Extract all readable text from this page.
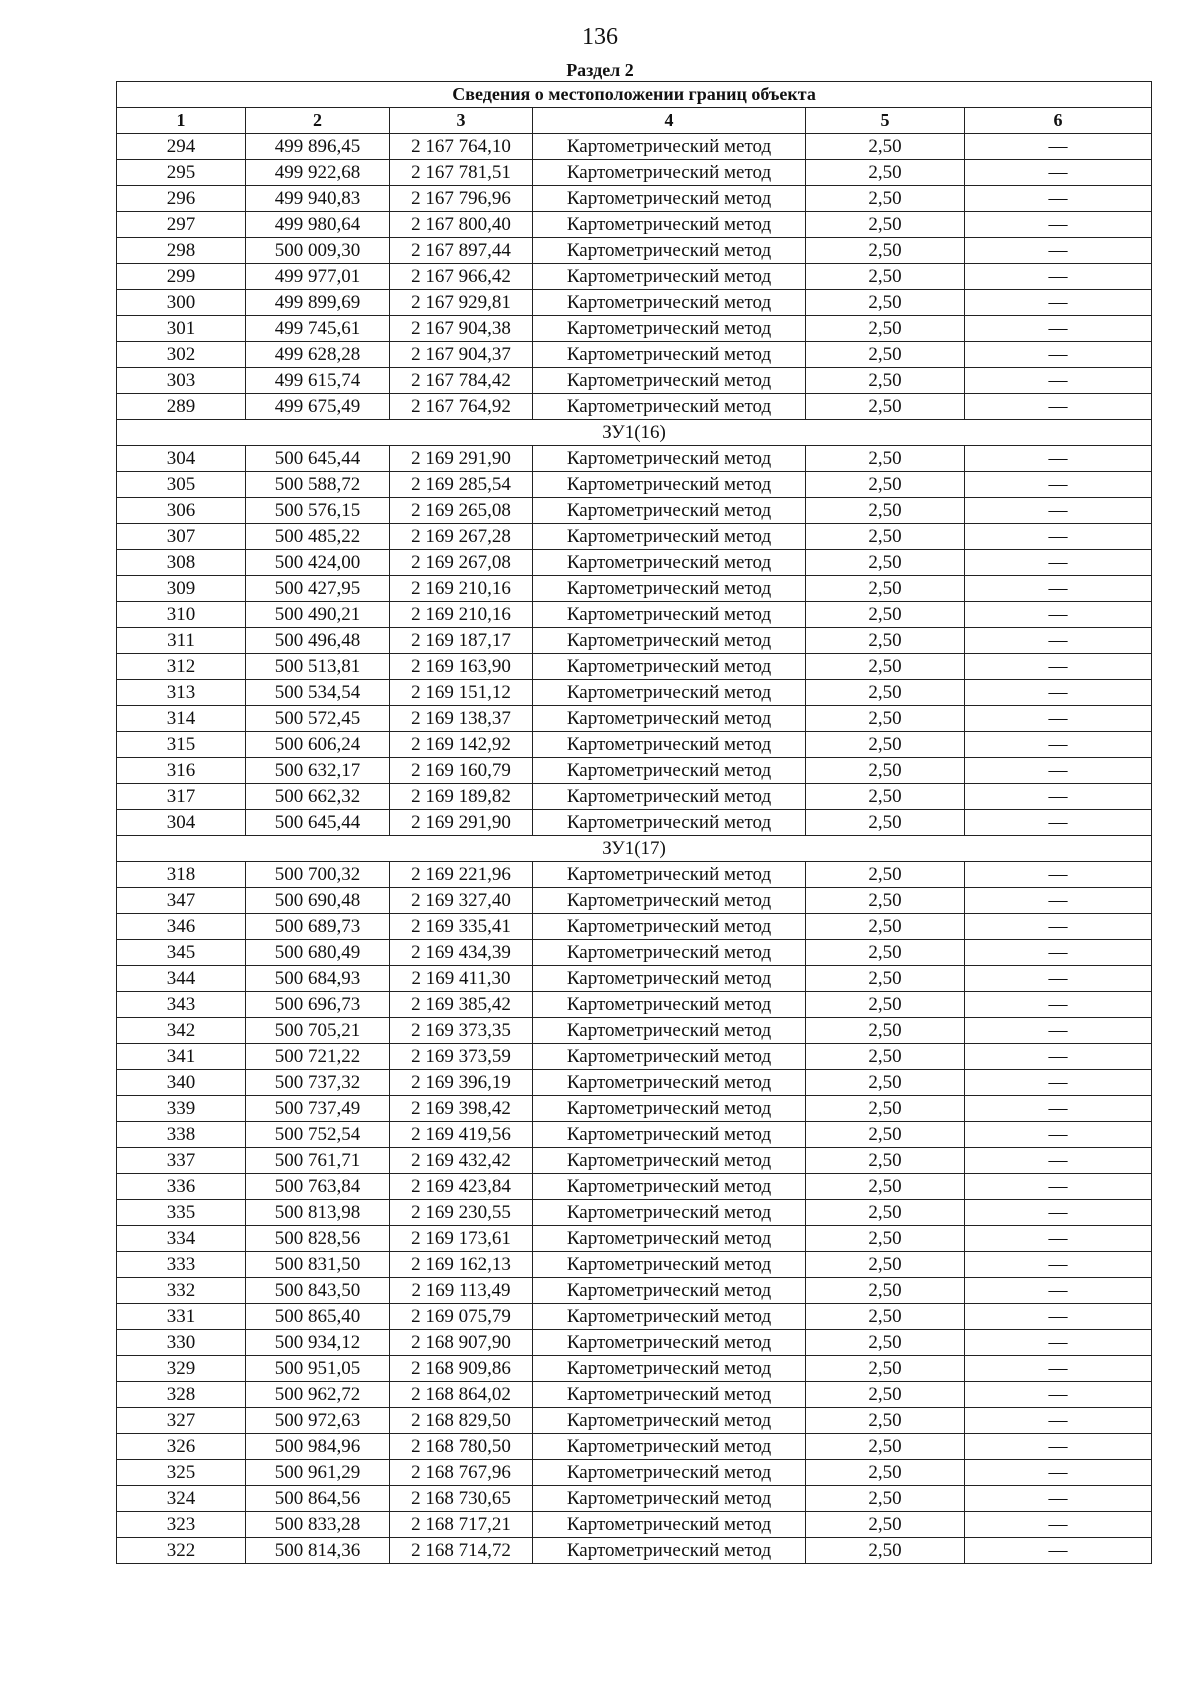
136
Раздел 2
Сведения о местоположении границ объекта					
1	2	3	4	5	6
294	499 896,45	2 167 764,10	Картометрический метод	2,50	—
295	499 922,68	2 167 781,51	Картометрический метод	2,50	—
296	499 940,83	2 167 796,96	Картометрический метод	2,50	—
297	499 980,64	2 167 800,40	Картометрический метод	2,50	—
298	500 009,30	2 167 897,44	Картометрический метод	2,50	—
299	499 977,01	2 167 966,42	Картометрический метод	2,50	—
300	499 899,69	2 167 929,81	Картометрический метод	2,50	—
301	499 745,61	2 167 904,38	Картометрический метод	2,50	—
302	499 628,28	2 167 904,37	Картометрический метод	2,50	—
303	499 615,74	2 167 784,42	Картометрический метод	2,50	—
289	499 675,49	2 167 764,92	Картометрический метод	2,50	—
ЗУ1(16)					
304	500 645,44	2 169 291,90	Картометрический метод	2,50	—
305	500 588,72	2 169 285,54	Картометрический метод	2,50	—
306	500 576,15	2 169 265,08	Картометрический метод	2,50	—
307	500 485,22	2 169 267,28	Картометрический метод	2,50	—
308	500 424,00	2 169 267,08	Картометрический метод	2,50	—
309	500 427,95	2 169 210,16	Картометрический метод	2,50	—
310	500 490,21	2 169 210,16	Картометрический метод	2,50	—
311	500 496,48	2 169 187,17	Картометрический метод	2,50	—
312	500 513,81	2 169 163,90	Картометрический метод	2,50	—
313	500 534,54	2 169 151,12	Картометрический метод	2,50	—
314	500 572,45	2 169 138,37	Картометрический метод	2,50	—
315	500 606,24	2 169 142,92	Картометрический метод	2,50	—
316	500 632,17	2 169 160,79	Картометрический метод	2,50	—
317	500 662,32	2 169 189,82	Картометрический метод	2,50	—
304	500 645,44	2 169 291,90	Картометрический метод	2,50	—
ЗУ1(17)					
318	500 700,32	2 169 221,96	Картометрический метод	2,50	—
347	500 690,48	2 169 327,40	Картометрический метод	2,50	—
346	500 689,73	2 169 335,41	Картометрический метод	2,50	—
345	500 680,49	2 169 434,39	Картометрический метод	2,50	—
344	500 684,93	2 169 411,30	Картометрический метод	2,50	—
343	500 696,73	2 169 385,42	Картометрический метод	2,50	—
342	500 705,21	2 169 373,35	Картометрический метод	2,50	—
341	500 721,22	2 169 373,59	Картометрический метод	2,50	—
340	500 737,32	2 169 396,19	Картометрический метод	2,50	—
339	500 737,49	2 169 398,42	Картометрический метод	2,50	—
338	500 752,54	2 169 419,56	Картометрический метод	2,50	—
337	500 761,71	2 169 432,42	Картометрический метод	2,50	—
336	500 763,84	2 169 423,84	Картометрический метод	2,50	—
335	500 813,98	2 169 230,55	Картометрический метод	2,50	—
334	500 828,56	2 169 173,61	Картометрический метод	2,50	—
333	500 831,50	2 169 162,13	Картометрический метод	2,50	—
332	500 843,50	2 169 113,49	Картометрический метод	2,50	—
331	500 865,40	2 169 075,79	Картометрический метод	2,50	—
330	500 934,12	2 168 907,90	Картометрический метод	2,50	—
329	500 951,05	2 168 909,86	Картометрический метод	2,50	—
328	500 962,72	2 168 864,02	Картометрический метод	2,50	—
327	500 972,63	2 168 829,50	Картометрический метод	2,50	—
326	500 984,96	2 168 780,50	Картометрический метод	2,50	—
325	500 961,29	2 168 767,96	Картометрический метод	2,50	—
324	500 864,56	2 168 730,65	Картометрический метод	2,50	—
323	500 833,28	2 168 717,21	Картометрический метод	2,50	—
322	500 814,36	2 168 714,72	Картометрический метод	2,50	—
